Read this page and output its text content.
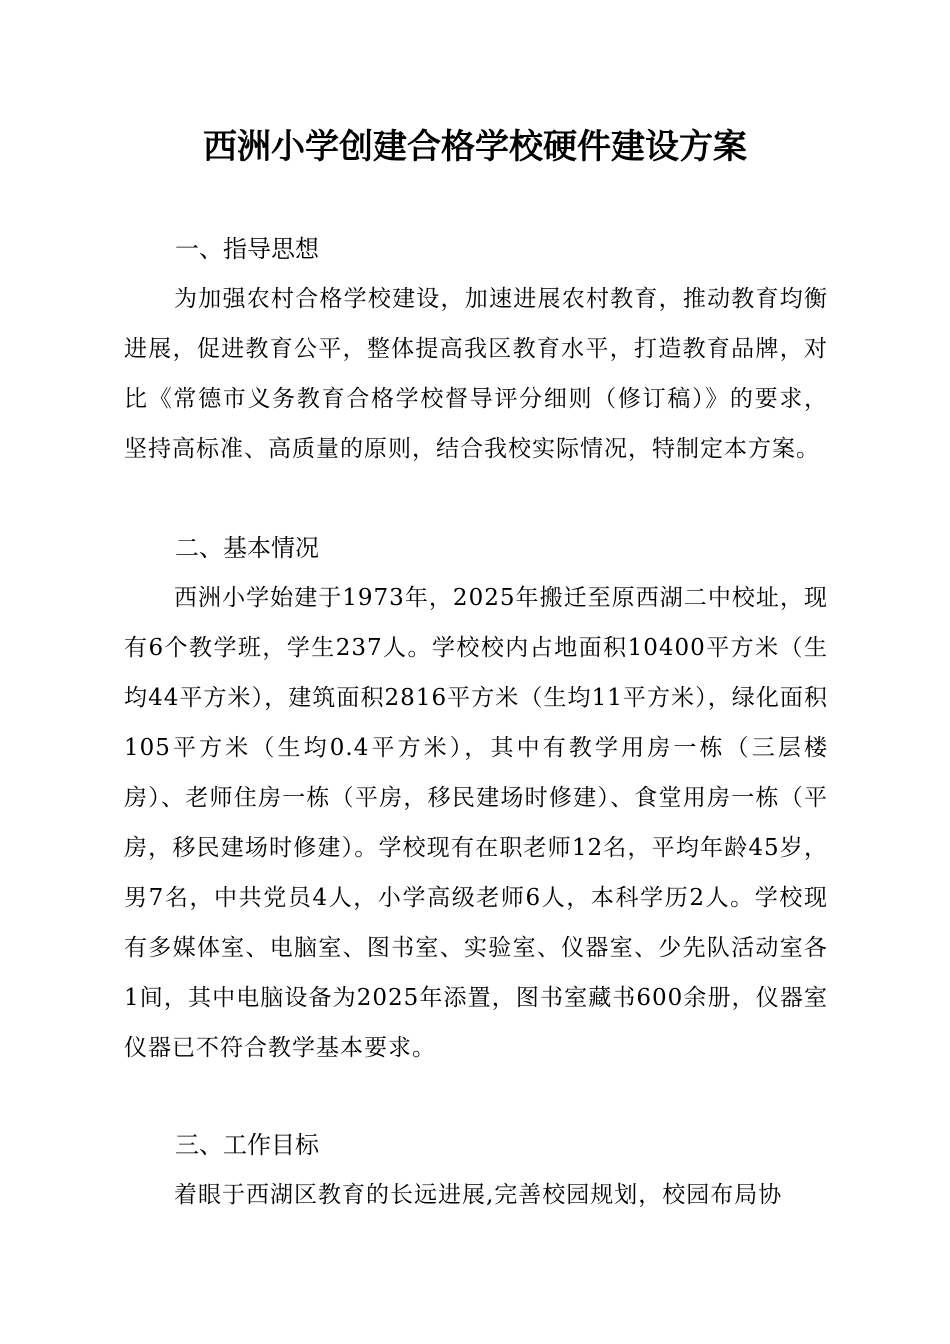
西洲小学创建合格学校硬件建设方案
一、指导思想

为加强农村合格学校建设，加速进展农村教育，推动教育均衡进展，促进教育公平，整体提高我区教育水平，打造教育品牌，对比《常德市义务教育合格学校督导评分细则（修订稿）》的要求，坚持高标准、高质量的原则，结合我校实际情况，特制定本方案。

二、基本情况

西洲小学始建于1973年，2025年搬迁至原西湖二中校址，现有6个教学班，学生237人。学校校内占地面积10400平方米（生均44平方米），建筑面积2816平方米（生均11平方米），绿化面积105平方米（生均0.4平方米），其中有教学用房一栋（三层楼房）、老师住房一栋（平房，移民建场时修建）、食堂用房一栋（平房，移民建场时修建）。学校现有在职老师12名，平均年龄45岁，男7名，中共党员4人，小学高级老师6人，本科学历2人。学校现有多媒体室、电脑室、图书室、实验室、仪器室、少先队活动室各1间，其中电脑设备为2025年添置，图书室藏书600余册，仪器室仪器已不符合教学基本要求。

三、工作目标

着眼于西湖区教育的长远进展,完善校园规划，校园布局协
